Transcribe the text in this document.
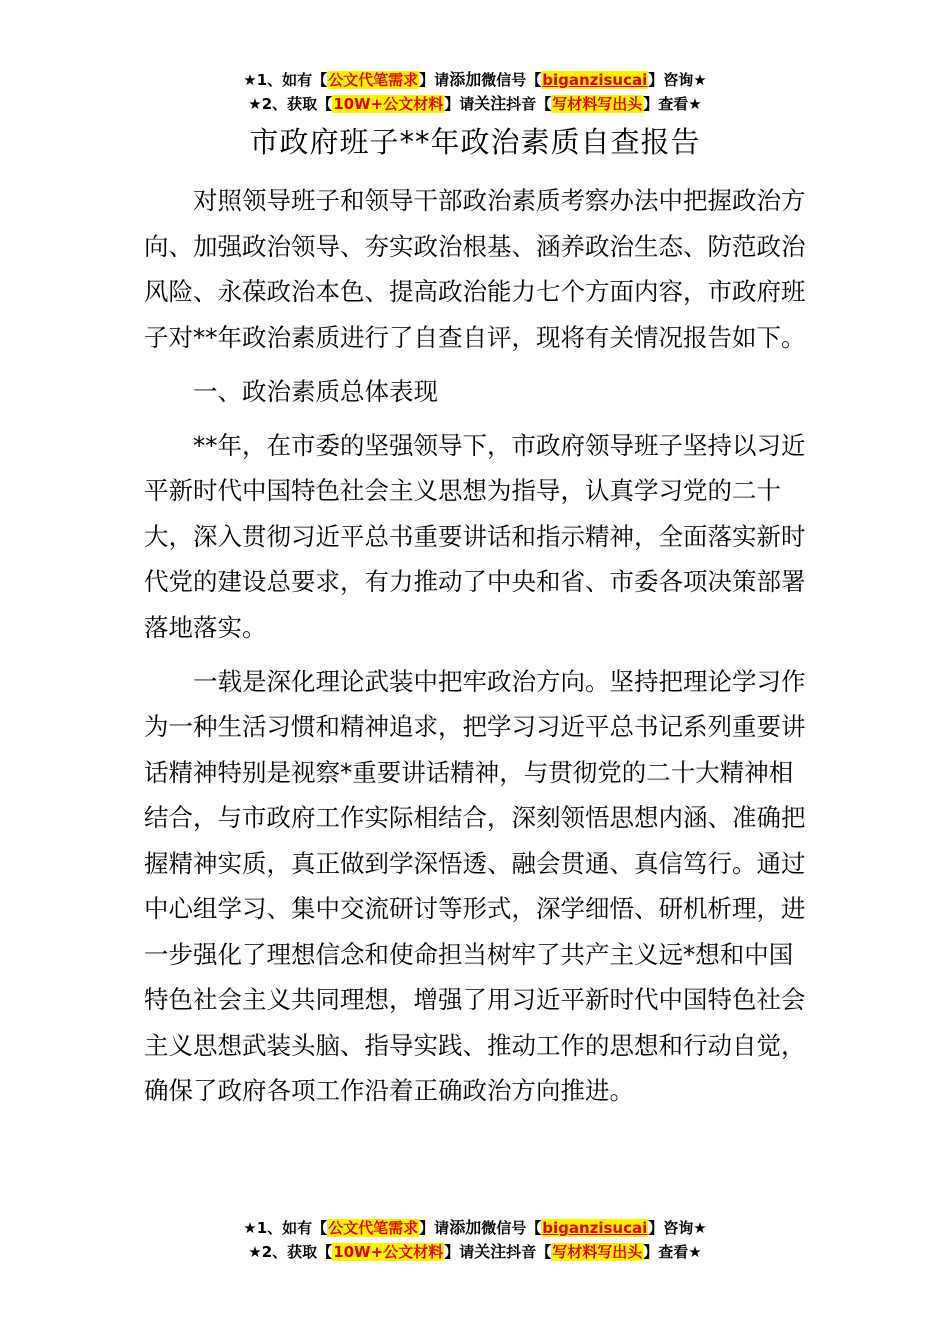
★1、如有【公文代笔需求】请添加微信号【biganzisucai】咨询★
★2、获取【10W+公文材料】请关注抖音【写材料写出头】查看★
市政府班子**年政治素质自查报告

对照领导班子和领导干部政治素质考察办法中把握政治方向、加强政治领导、夯实政治根基、涵养政治生态、防范政治风险、永葆政治本色、提高政治能力七个方面内容，市政府班子对**年政治素质进行了自查自评，现将有关情况报告如下。

一、政治素质总体表现

**年，在市委的坚强领导下，市政府领导班子坚持以习近平新时代中国特色社会主义思想为指导，认真学习党的二十大，深入贯彻习近平总书重要讲话和指示精神，全面落实新时代党的建设总要求，有力推动了中央和省、市委各项决策部署落地落实。

一载是深化理论武装中把牢政治方向。坚持把理论学习作为一种生活习惯和精神追求，把学习习近平总书记系列重要讲话精神特别是视察*重要讲话精神，与贯彻党的二十大精神相结合，与市政府工作实际相结合，深刻领悟思想内涵、准确把握精神实质，真正做到学深悟透、融会贯通、真信笃行。通过中心组学习、集中交流研讨等形式，深学细悟、研机析理，进一步强化了理想信念和使命担当树牢了共产主义远*想和中国特色社会主义共同理想，增强了用习近平新时代中国特色社会主义思想武装头脑、指导实践、推动工作的思想和行动自觉，确保了政府各项工作沿着正确政治方向推进。

★1、如有【公文代笔需求】请添加微信号【biganzisucai】咨询★
★2、获取【10W+公文材料】请关注抖音【写材料写出头】查看★
